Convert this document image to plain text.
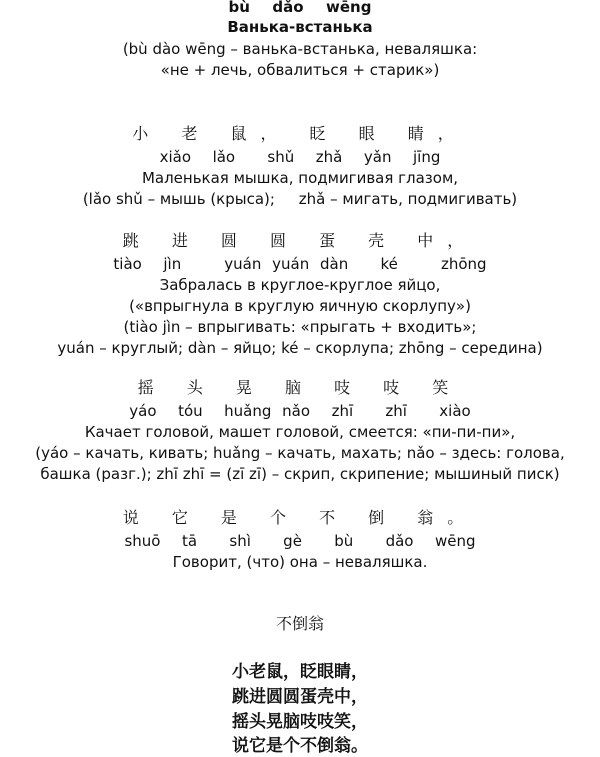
bù  dǎo  wēng
Ванька-встанька
(bù dào wēng – ванька-встанька, неваляшка:
«не + лечь, обвалиться + старик»)
小 老 鼠， 眨 眼 睛，
xiǎo  lǎo   shǔ  zhǎ  yǎn  jīng
Маленькая мышка, подмигивая глазом,
(lǎo shǔ – мышь (крыса);     zhǎ – мигать, подмигивать)
跳 进 圆 圆 蛋 壳 中，
tiào  jìn    yuán yuán dàn   ké    zhōng
Забралась в круглое-круглое яйцо,
(«впрыгнула в круглую яичную скорлупу»)
(tiào jìn – впрыгивать: «прыгать + входить»;
yuán – круглый; dàn – яйцо; ké – скорлупа; zhōng – середина)
摇 头 晃 脑 吱 吱 笑
yáo  tóu  huǎng nǎo  zhī   zhī   xiào
Качает головой, машет головой, смеется: «пи-пи-пи»,
(yáo – качать, кивать; huǎng – качать, махать; nǎo – здесь: голова,
башка (разг.); zhī zhī = (zī zī) – скрип, скрипение; мышиный писк)
说 它 是 个 不 倒 翁。
shuō  tā   shì   gè   bù   dǎo  wēng
Говорит, (что) она – неваляшка.
不倒翁
小老鼠，眨眼睛，
跳进圆圆蛋壳中，
摇头晃脑吱吱笑，
说它是个不倒翁。
